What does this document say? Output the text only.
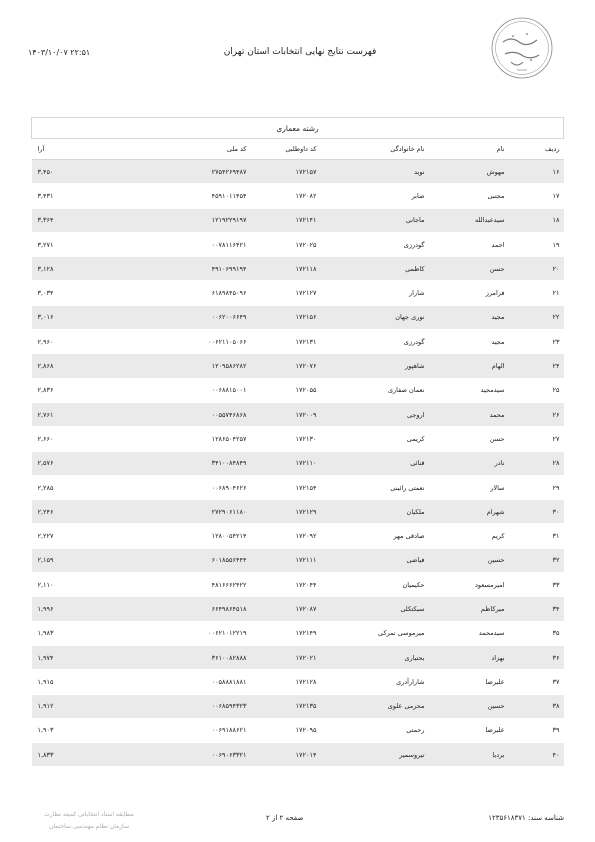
۱۴۰۳/۱۰/۰۷ ۲۲:۵۱	فهرست نتایج نهایی انتخابات استان تهران
رشته معماری					
ردیف	نام	نام خانوادگی	کد داوطلبی	کد ملی	آرا
۱۶	مهوش	نوید	۱۷۲۱۵۷	۲۷۵۴۲۶۹۴۸۷	۳,۴۵۰
۱۷	مجتبی	صابر	۱۷۲۰۸۲	۴۵۹۱۰۱۱۴۵۴	۳,۴۳۱
۱۸	سیدعبدالله	ماجانی	۱۷۲۱۴۱	۱۲۱۹۲۲۹۱۹۷	۳,۳۶۴
۱۹	احمد	گودرزی	۱۷۲۰۲۵	۰۰۷۸۱۱۶۴۲۱	۳,۲۷۱
۲۰	حسن	کاظمی	۱۷۲۱۱۸	۴۹۱۰۶۹۹۱۹۴	۳,۱۲۸
۲۱	فرامرز	شارار	۱۷۲۱۲۷	۶۱۸۹۸۴۵۰۹۶	۳,۰۳۴
۲۲	مجید	نوری جهان	۱۷۲۱۵۶	۰۰۶۲۰۰۶۶۴۹	۳,۰۱۶
۲۳	مجید	گودرزی	۱۷۲۱۳۱	۰۰۶۲۱۱۰۵۰۶۶	۲,۹۶۰
۲۴	الهام	شاهپور	۱۷۲۰۷۶	۱۲۰۹۵۸۶۲۸۲	۲,۸۶۸
۲۵	سیدمجید	نعمان صفاری	۱۷۲۰۵۵	۰۰۶۸۸۱۵۰۰۱	۲,۸۳۶
۲۶	محمد	اروجی	۱۷۲۰۰۹	۰۰۵۵۷۴۶۸۶۸	۲,۷۶۱
۲۷	حسن	کریمی	۱۷۲۱۳۰	۱۲۸۶۵۰۴۲۵۷	۲,۶۶۰
۲۸	نادر	قنائی	۱۷۲۱۱۰	۳۴۱۰۰۸۴۸۴۹	۲,۵۷۶
۲۹	سالار	نعمتی رائینی	۱۷۲۱۵۴	۰۰۶۸۹۰۴۶۲۶	۲,۲۸۵
۳۰	شهرام	ملکیان	۱۷۲۱۲۹	۲۷۲۹۰۶۱۱۸۰	۲,۲۴۶
۳۱	کریم	صادقی مهر	۱۷۲۰۹۲	۱۲۸۰۰۵۴۲۱۴	۲,۲۲۷
۳۲	حسین	فیاضی	۱۷۲۱۱۱	۶۰۱۸۵۵۶۴۴۴	۲,۱۵۹
۳۳	امیرمسعود	حکیمیان	۱۷۲۰۴۴	۴۸۱۶۶۶۲۴۲۲	۲,۱۱۰
۳۴	میرکاظم	سبکتکلی	۱۷۲۰۸۷	۶۶۴۹۸۶۴۵۱۸	۱,۹۹۶
۳۵	سیدمحمد	میرموسی نمرکی	۱۷۲۱۴۹	۰۰۶۲۱۰۱۲۲۱۹	۱,۹۸۳
۳۶	بهزاد	بحتیاری	۱۷۲۰۲۱	۳۶۱۰۰۸۲۸۸۸	۱,۹۷۴
۳۷	علیرضا	شارارآدری	۱۷۲۱۲۸	۰۰۵۸۸۸۱۸۸۱	۱,۹۱۵
۳۸	حسین	محرمی علوی	۱۷۲۱۳۵	۰۰۶۸۵۹۴۳۲۳	۱,۹۱۲
۳۹	علیرضا	رحمتی	۱۷۲۰۹۵	۰۰۶۹۱۸۸۶۲۱	۱,۹۰۳
۴۰	بردیا	تیروسمیر	۱۷۲۰۱۴	۰۰۶۹۰۶۳۳۲۱	۱,۸۳۳
مطابقه اسناد انتخاباتی کمیته نظارت سازمان نظام مهندسی ساختمان
صفحه ۲ از ۲	شناسه سند: ۱۲۳۵۶۱۸۳۷۱
